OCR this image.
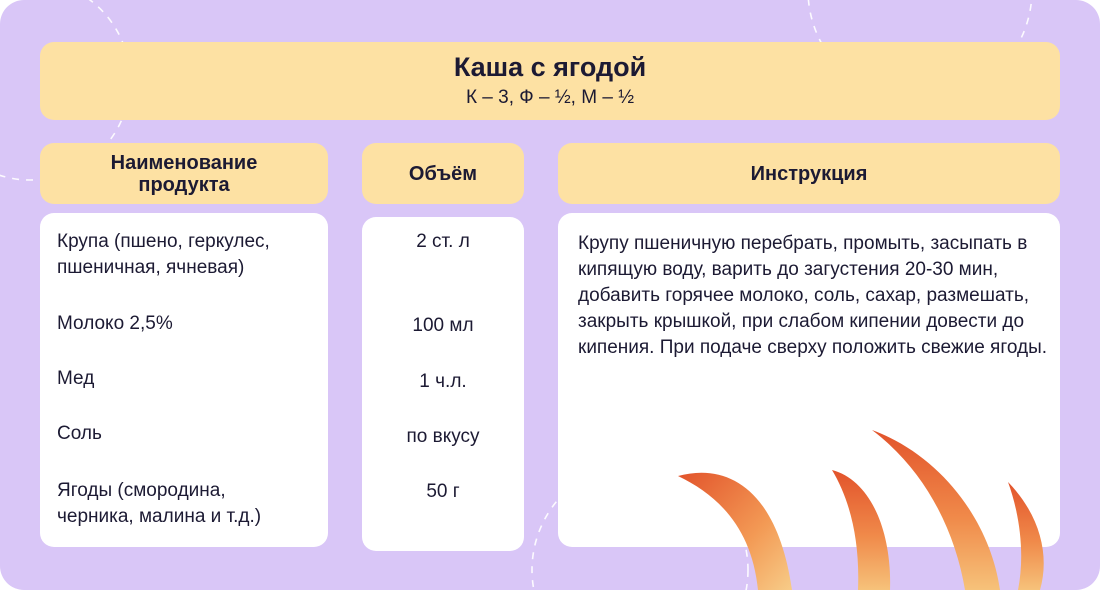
Каша с ягодой
К – 3, Ф – ½, М – ½
Наименование продукта	Объём	Инструкция
Крупа (пшено, геркулес, пшеничная, ячневая)
Молоко 2,5%
Мед
Соль
Ягоды (смородина, черника, малина и т.д.)
2 ст. л
100 мл
1 ч.л.
по вкусу
50 г
Крупу пшеничную перебрать, промыть, засыпать в кипящую воду, варить до загустения 20-30 мин, добавить горячее молоко, соль, сахар, размешать, закрыть крышкой, при слабом кипении довести до кипения. При подаче сверху положить свежие ягоды.
